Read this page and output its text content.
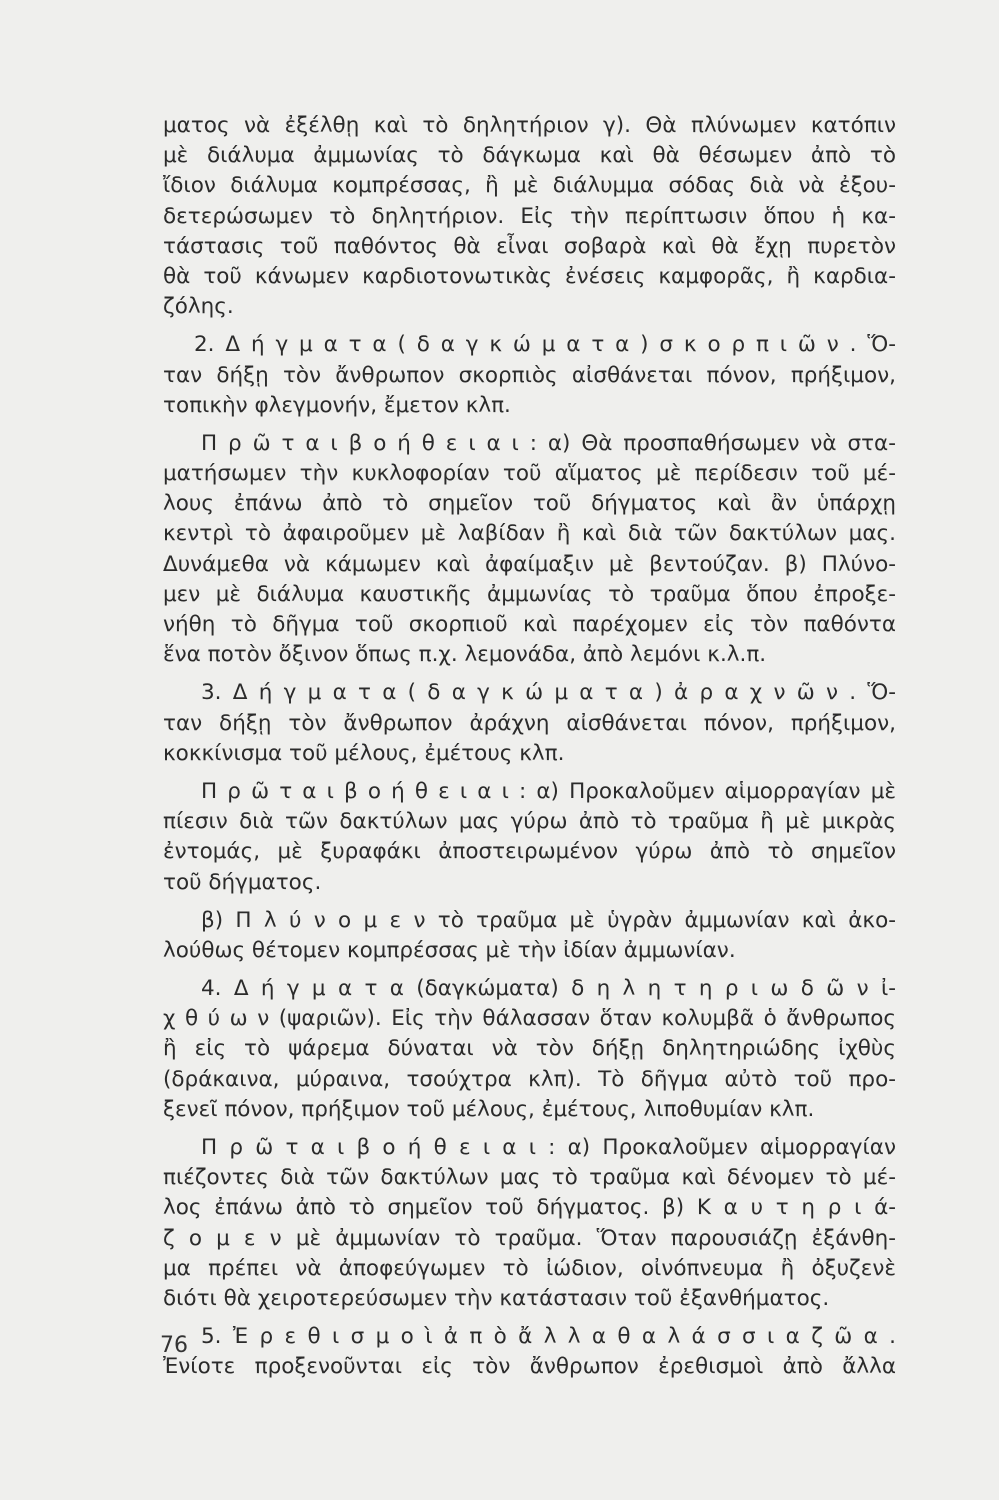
ματος νὰ ἐξέλθῃ καὶ τὸ δηλητήριον γ). Θὰ πλύνωμεν κατόπιν
μὲ διάλυμα ἀμμωνίας τὸ δάγκωμα καὶ θὰ θέσωμεν ἀπὸ τὸ
ἴδιον διάλυμα κομπρέσσας, ἢ μὲ διάλυμμα σόδας διὰ νὰ ἐξου-
δετερώσωμεν τὸ δηλητήριον. Εἰς τὴν περίπτωσιν ὅπου ἡ κα-
τάστασις τοῦ παθόντος θὰ εἶναι σοβαρὰ καὶ θὰ ἔχῃ πυρετὸν
θὰ τοῦ κάνωμεν καρδιοτονωτικὰς ἐνέσεις καμφορᾶς, ἢ καρδια-
ζόλης.
2. Δ ή γ μ α τ α ( δ α γ κ ώ μ α τ α ) σ κ ο ρ π ι ῶ ν . Ὅ-
ταν δήξῃ τὸν ἄνθρωπον σκορπιὸς αἰσθάνεται πόνον, πρήξιμον,
τοπικὴν φλεγμονήν, ἔμετον κλπ.
Π ρ ῶ τ α ι β ο ή θ ε ι α ι : α) Θὰ προσπαθήσωμεν νὰ στα-
ματήσωμεν τὴν κυκλοφορίαν τοῦ αἵματος μὲ περίδεσιν τοῦ μέ-
λους ἐπάνω ἀπὸ τὸ σημεῖον τοῦ δήγματος καὶ ἂν ὑπάρχῃ
κεντρὶ τὸ ἀφαιροῦμεν μὲ λαβίδαν ἢ καὶ διὰ τῶν δακτύλων μας.
Δυνάμεθα νὰ κάμωμεν καὶ ἀφαίμαξιν μὲ βεντούζαν. β) Πλύνο-
μεν μὲ διάλυμα καυστικῆς ἀμμωνίας τὸ τραῦμα ὅπου ἐπροξε-
νήθη τὸ δῆγμα τοῦ σκορπιοῦ καὶ παρέχομεν εἰς τὸν παθόντα
ἕνα ποτὸν ὄξινον ὅπως π.χ. λεμονάδα, ἀπὸ λεμόνι κ.λ.π.
3. Δ ή γ μ α τ α ( δ α γ κ ώ μ α τ α ) ἀ ρ α χ ν ῶ ν . Ὅ-
ταν δήξῃ τὸν ἄνθρωπον ἀράχνη αἰσθάνεται πόνον, πρήξιμον,
κοκκίνισμα τοῦ μέλους, ἐμέτους κλπ.
Π ρ ῶ τ α ι β ο ή θ ε ι α ι : α) Προκαλοῦμεν αἱμορραγίαν μὲ
πίεσιν διὰ τῶν δακτύλων μας γύρω ἀπὸ τὸ τραῦμα ἢ μὲ μικρὰς
ἐντομάς, μὲ ξυραφάκι ἀποστειρωμένον γύρω ἀπὸ τὸ σημεῖον
τοῦ δήγματος.
β) Π λ ύ ν ο μ ε ν τὸ τραῦμα μὲ ὑγρὰν ἀμμωνίαν καὶ ἀκο-
λούθως θέτομεν κομπρέσσας μὲ τὴν ἰδίαν ἀμμωνίαν.
4. Δ ή γ μ α τ α (δαγκώματα) δ η λ η τ η ρ ι ω δ ῶ ν ἰ-
χ θ ύ ω ν (ψαριῶν). Εἰς τὴν θάλασσαν ὅταν κολυμβᾶ ὁ ἄνθρωπος
ἢ εἰς τὸ ψάρεμα δύναται νὰ τὸν δήξῃ δηλητηριώδης ἰχθὺς
(δράκαινα, μύραινα, τσούχτρα κλπ). Τὸ δῆγμα αὐτὸ τοῦ προ-
ξενεῖ πόνον, πρήξιμον τοῦ μέλους, ἐμέτους, λιποθυμίαν κλπ.
Π ρ ῶ τ α ι β ο ή θ ε ι α ι : α) Προκαλοῦμεν αἱμορραγίαν
πιέζοντες διὰ τῶν δακτύλων μας τὸ τραῦμα καὶ δένομεν τὸ μέ-
λος ἐπάνω ἀπὸ τὸ σημεῖον τοῦ δήγματος. β) Κ α υ τ η ρ ι ά-
ζ ο μ ε ν μὲ ἀμμωνίαν τὸ τραῦμα. Ὅταν παρουσιάζῃ ἐξάνθη-
μα πρέπει νὰ ἀποφεύγωμεν τὸ ἰώδιον, οἰνόπνευμα ἢ ὀξυζενὲ
διότι θὰ χειροτερεύσωμεν τὴν κατάστασιν τοῦ ἐξανθήματος.
5. Ἐ ρ ε θ ι σ μ ο ὶ ἀ π ὸ ἄ λ λ α θ α λ ά σ σ ι α ζ ῶ α .
Ἐνίοτε προξενοῦνται εἰς τὸν ἄνθρωπον ἐρεθισμοὶ ἀπὸ ἄλλα
76
